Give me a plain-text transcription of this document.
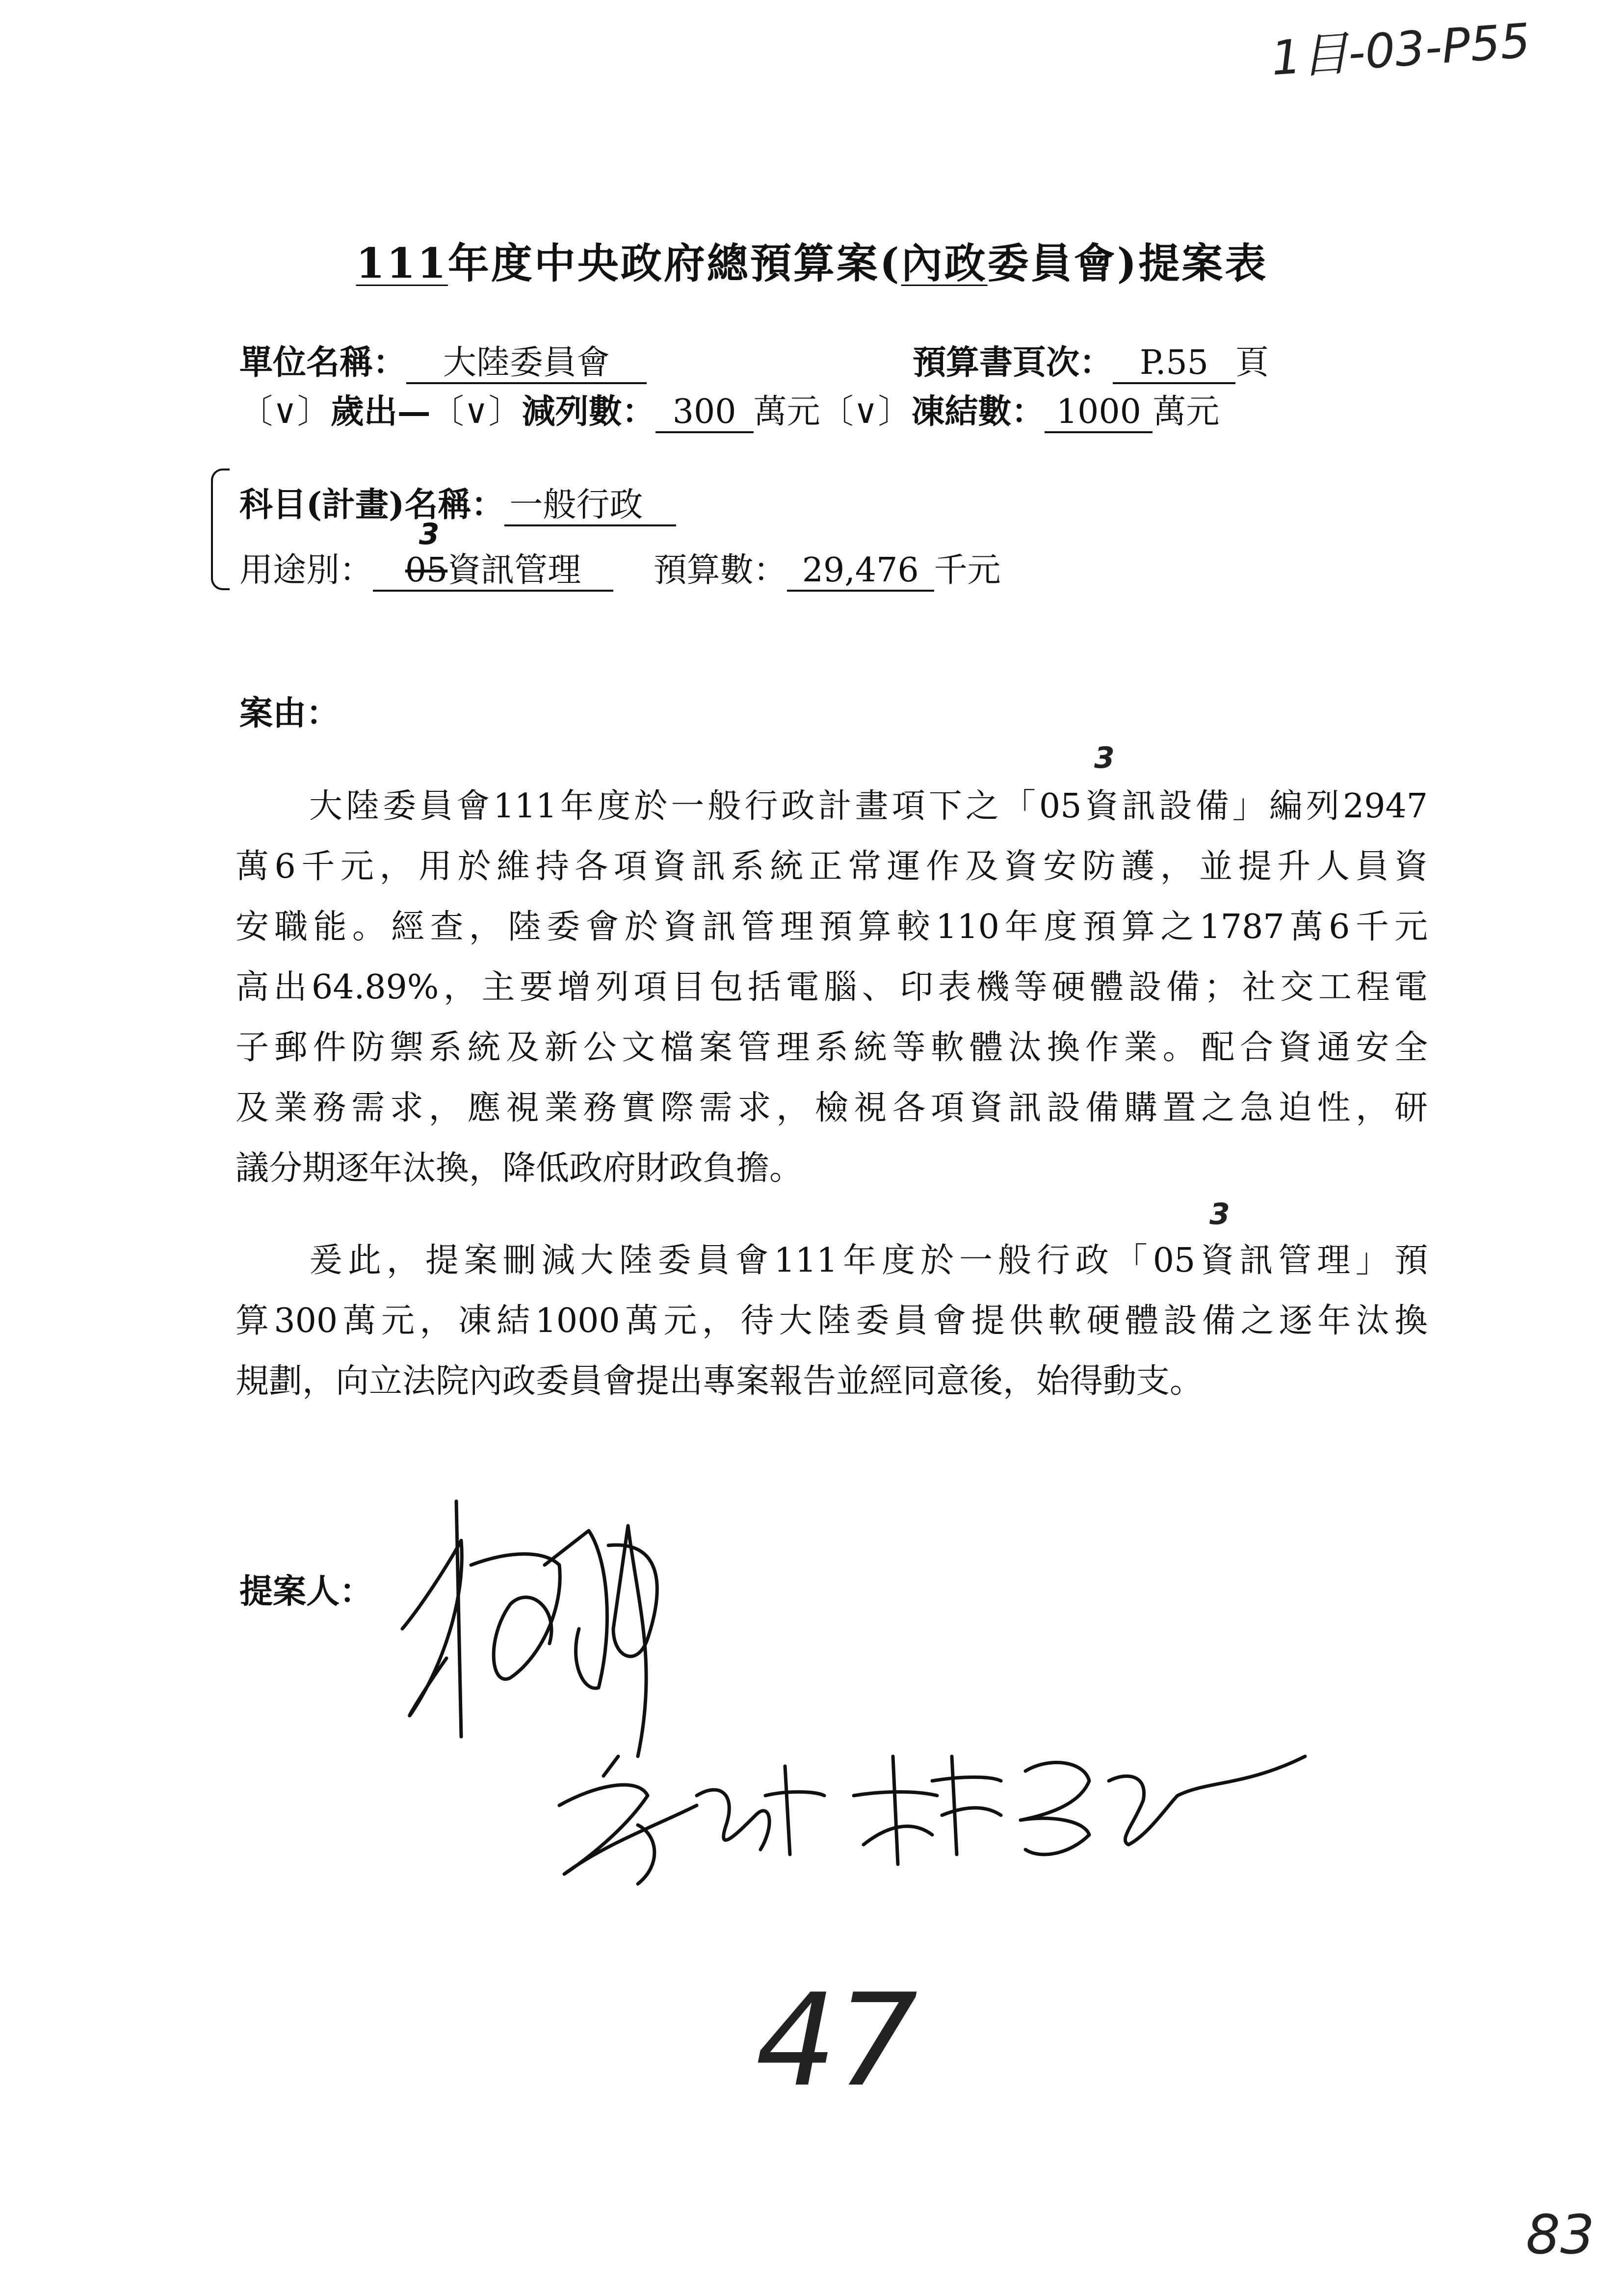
1目-03-P55
111年度中央政府總預算案(內政委員會)提案表
單位名稱： 大陸委員會	預算書頁次： P.55 頁
〔∨〕歲出—〔∨〕減列數： 300 萬元〔∨〕凍結數： 1000 萬元
科目(計畫)名稱： 一般行政
用途別： 05
3
資訊管理 預算數： 29,476 千元
案由：
大陸委員會111年度於一般行政計畫項下之「05資訊設備」編列2947
萬6千元，用於維持各項資訊系統正常運作及資安防護，並提升人員資
安職能。經查，陸委會於資訊管理預算較110年度預算之1787萬6千元
高出64.89%，主要增列項目包括電腦、印表機等硬體設備；社交工程電
子郵件防禦系統及新公文檔案管理系統等軟體汰換作業。配合資通安全
及業務需求，應視業務實際需求，檢視各項資訊設備購置之急迫性，研
議分期逐年汰換，降低政府財政負擔。
3
爰此，提案刪減大陸委員會111年度於一般行政「05資訊管理」預
算300萬元，凍結1000萬元，待大陸委員會提供軟硬體設備之逐年汰換
規劃，向立法院內政委員會提出專案報告並經同意後，始得動支。
3
提案人：
47
83
